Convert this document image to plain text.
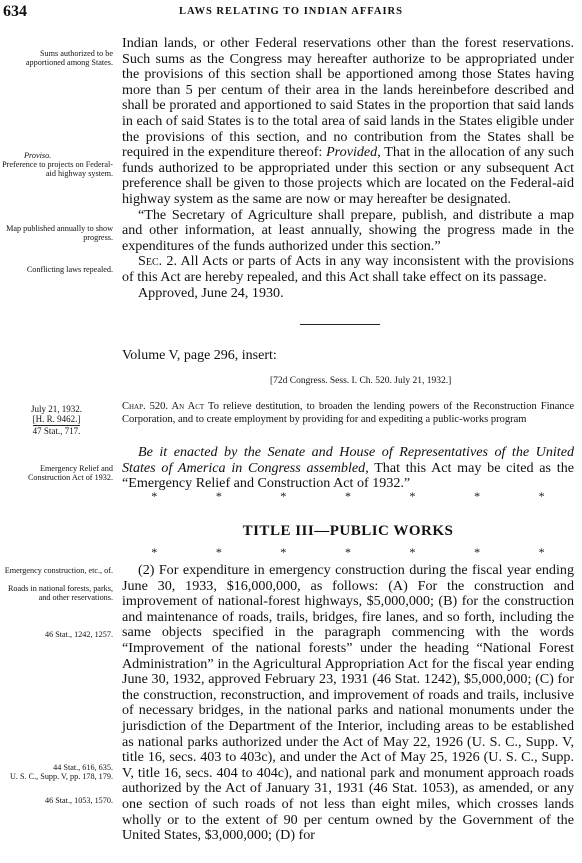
634	LAWS RELATING TO INDIAN AFFAIRS
Sums authorized to be apportioned among States.
Proviso.
Preference to projects on Federal-aid highway system.
Map published annually to show progress.
Conflicting laws repealed.
July 21, 1932.
[H. R. 9462.]
47 Stat., 717.
Emergency Relief and Construction Act of 1932.
Emergency construction, etc., of.
Roads in national forests, parks, and other reservations.
46 Stat., 1242, 1257.
44 Stat., 616, 635.
U. S. C., Supp. V, pp. 178, 179.
46 Stat., 1053, 1570.

Indian lands, or other Federal reservations other than the forest reservations. Such sums as the Congress may hereafter authorize to be appropriated under the provisions of this section shall be apportioned among those States having more than 5 per centum of their area in the lands hereinbefore described and shall be prorated and apportioned to said States in the proportion that said lands in each of said States is to the total area of said lands in the States eligible under the provisions of this section, and no contribution from the States shall be required in the expenditure thereof: Provided, That in the allocation of any such funds authorized to be appropriated under this section or any subsequent Act preference shall be given to those projects which are located on the Federal-aid highway system as the same are now or may hereafter be designated.

“The Secretary of Agriculture shall prepare, publish, and distribute a map and other information, at least annually, showing the progress made in the expenditures of the funds authorized under this section.”

Sec. 2. All Acts or parts of Acts in any way inconsistent with the provisions of this Act are hereby repealed, and this Act shall take effect on its passage.

Approved, June 24, 1930.

Volume V, page 296, insert:
[72d Congress. Sess. I. Ch. 520. July 21, 1932.]
Chap. 520. An Act To relieve destitution, to broaden the lending powers of the Reconstruction Finance Corporation, and to create employment by providing for and expediting a public-works program

Be it enacted by the Senate and House of Representatives of the United States of America in Congress assembled, That this Act may be cited as the “Emergency Relief and Construction Act of 1932.”

*	*	*	*	*	*	*
TITLE III—PUBLIC WORKS
*	*	*	*	*	*	*

(2) For expenditure in emergency construction during the fiscal year ending June 30, 1933, $16,000,000, as follows: (A) For the construction and improvement of national-forest highways, $5,000,000; (B) for the construction and maintenance of roads, trails, bridges, fire lanes, and so forth, including the same objects specified in the paragraph commencing with the words “Improvement of the national forests” under the heading “National Forest Administration” in the Agricultural Appropriation Act for the fiscal year ending June 30, 1932, approved February 23, 1931 (46 Stat. 1242), $5,000,000; (C) for the construction, reconstruction, and improvement of roads and trails, inclusive of necessary bridges, in the national parks and national monuments under the jurisdiction of the Department of the Interior, including areas to be established as national parks authorized under the Act of May 22, 1926 (U. S. C., Supp. V, title 16, secs. 403 to 403c), and under the Act of May 25, 1926 (U. S. C., Supp. V, title 16, secs. 404 to 404c), and national park and monument approach roads authorized by the Act of January 31, 1931 (46 Stat. 1053), as amended, or any one section of such roads of not less than eight miles, which crosses lands wholly or to the extent of 90 per centum owned by the Government of the United States, $3,000,000; (D) for
